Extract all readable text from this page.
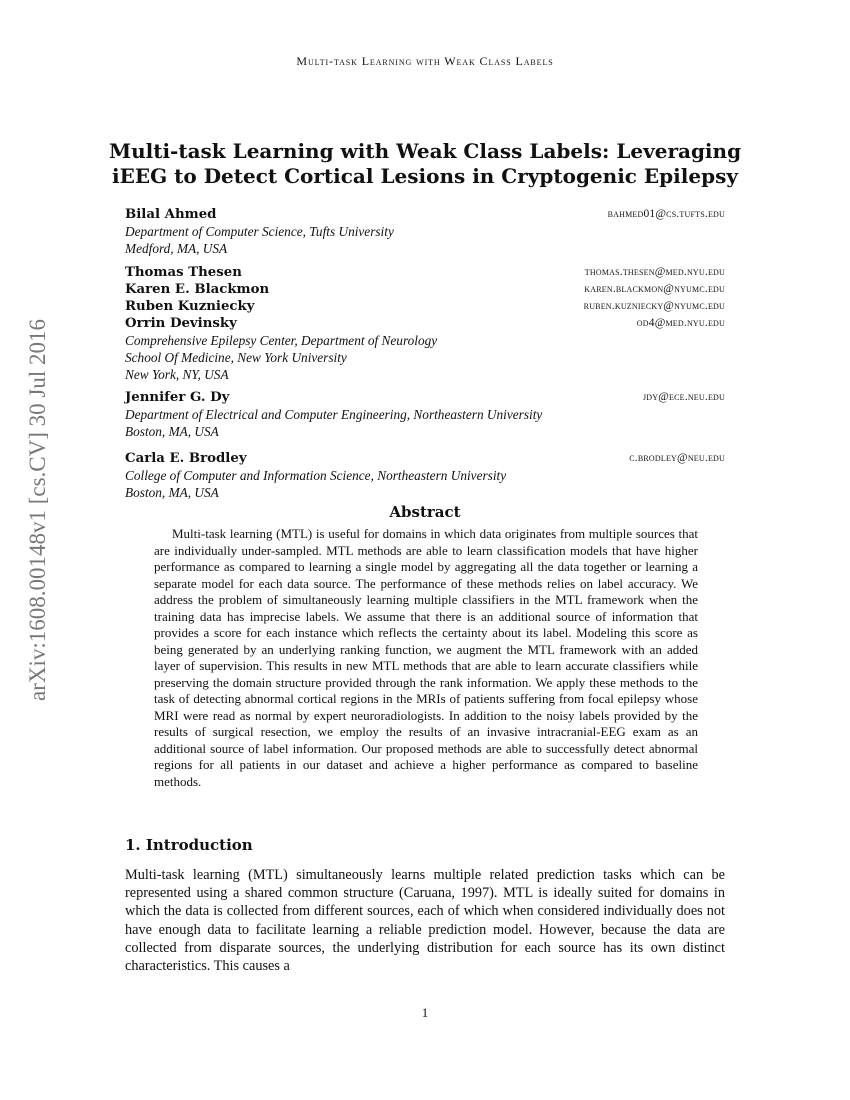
Multi-task Learning with Weak Class Labels
arXiv:1608.00148v1 [cs.CV] 30 Jul 2016
Multi-task Learning with Weak Class Labels: Leveraging
iEEG to Detect Cortical Lesions in Cryptogenic Epilepsy
Bilal Ahmed	bahmed01@cs.tufts.edu
Department of Computer Science, Tufts University
Medford, MA, USA
Thomas Thesen	thomas.thesen@med.nyu.edu
Karen E. Blackmon	karen.blackmon@nyumc.edu
Ruben Kuzniecky	ruben.kuzniecky@nyumc.edu
Orrin Devinsky	od4@med.nyu.edu
Comprehensive Epilepsy Center, Department of Neurology
School Of Medicine, New York University
New York, NY, USA
Jennifer G. Dy	jdy@ece.neu.edu
Department of Electrical and Computer Engineering, Northeastern University
Boston, MA, USA
Carla E. Brodley	c.brodley@neu.edu
College of Computer and Information Science, Northeastern University
Boston, MA, USA
Abstract
Multi-task learning (MTL) is useful for domains in which data originates from multiple sources that are individually under-sampled. MTL methods are able to learn classification models that have higher performance as compared to learning a single model by aggregating all the data together or learning a separate model for each data source. The performance of these methods relies on label accuracy. We address the problem of simultaneously learning multiple classifiers in the MTL framework when the training data has imprecise labels. We assume that there is an additional source of information that provides a score for each instance which reflects the certainty about its label. Modeling this score as being generated by an underlying ranking function, we augment the MTL framework with an added layer of supervision. This results in new MTL methods that are able to learn accurate classifiers while preserving the domain structure provided through the rank information. We apply these methods to the task of detecting abnormal cortical regions in the MRIs of patients suffering from focal epilepsy whose MRI were read as normal by expert neuroradiologists. In addition to the noisy labels provided by the results of surgical resection, we employ the results of an invasive intracranial-EEG exam as an additional source of label information. Our proposed methods are able to successfully detect abnormal regions for all patients in our dataset and achieve a higher performance as compared to baseline methods.
1. Introduction
Multi-task learning (MTL) simultaneously learns multiple related prediction tasks which can be represented using a shared common structure (Caruana, 1997). MTL is ideally suited for domains in which the data is collected from different sources, each of which when considered individually does not have enough data to facilitate learning a reliable prediction model. However, because the data are collected from disparate sources, the underlying distribution for each source has its own distinct characteristics. This causes a
1
